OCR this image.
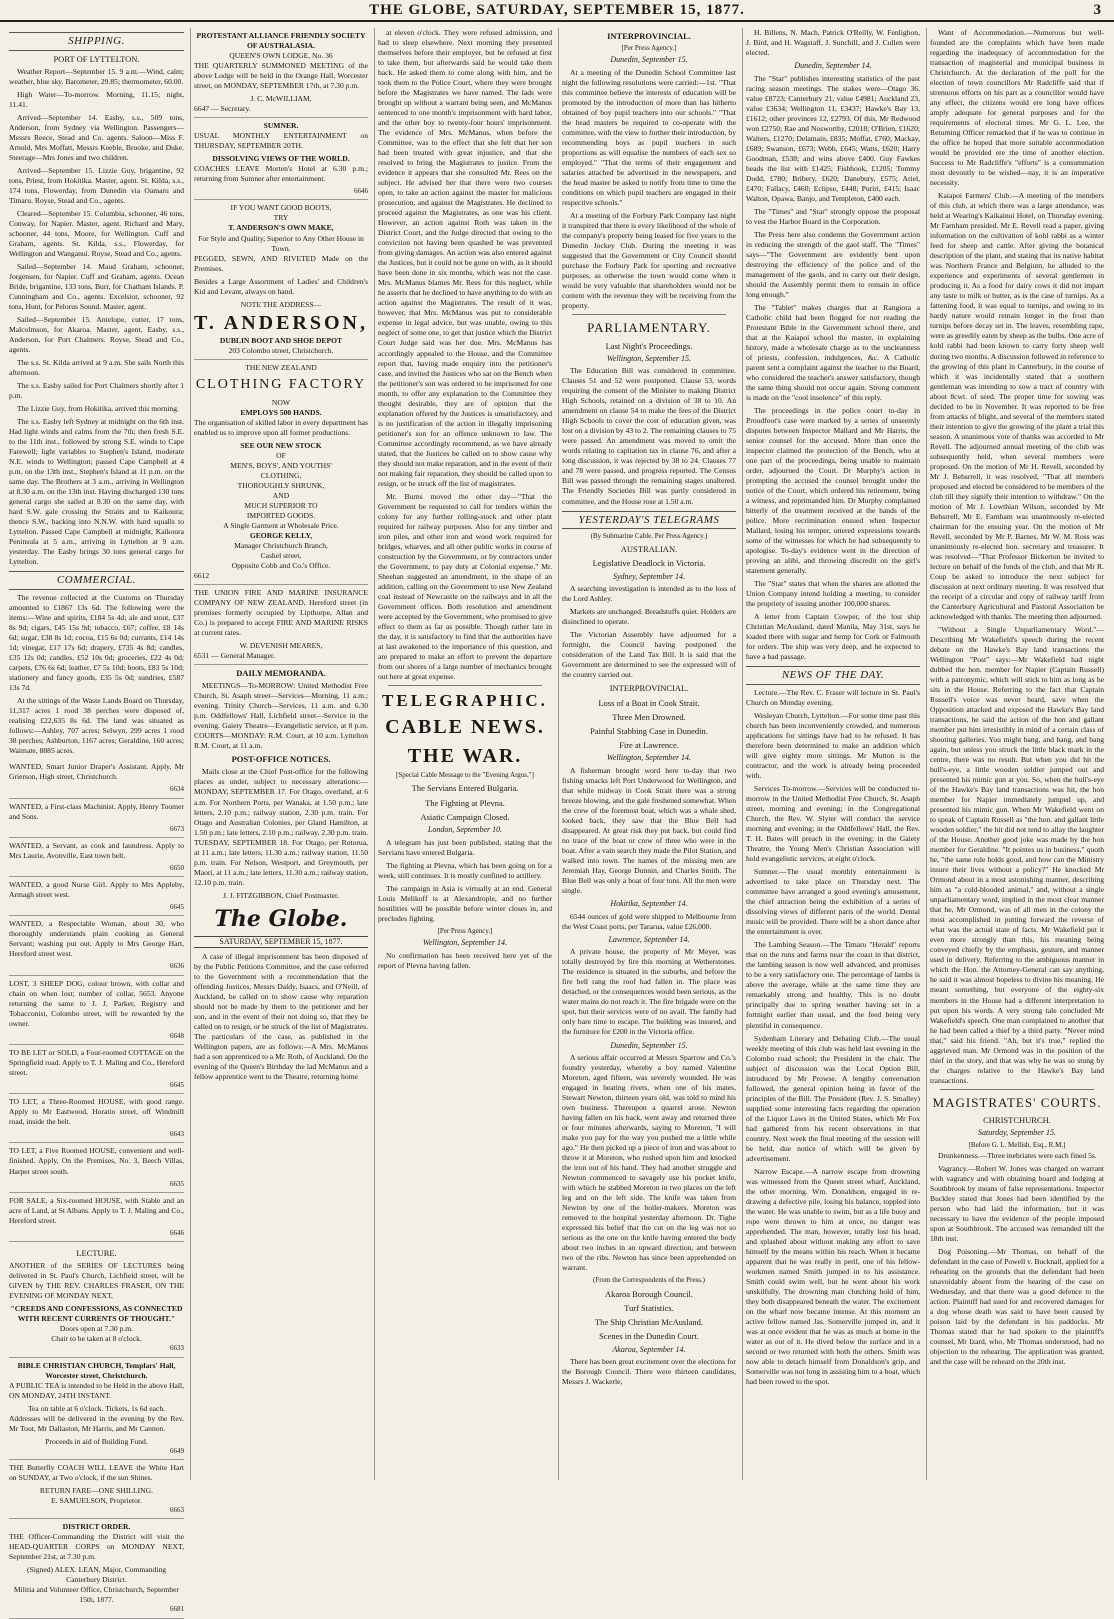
THE GLOBE, SATURDAY, SEPTEMBER 15, 1877.	3
SHIPPING.
PORT OF LYTTELTON.

Weather Report—September 15. 9 a.m.—Wind, calm; weather, blue sky. Barometer, 29.85; thermometer, 60.00.

High Water—To-morrow. Morning, 11.15; night, 11.41.

Arrived—September 14. Easby, s.s., 509 tons, Anderson, from Sydney via Wellington. Passengers—Messrs Reece, Stead and Co. agents. Saloon—Miss F. Arnold, Mrs Moffatt, Messrs Keeble, Brooke, and Duke. Steerage—Mrs Jones and two children.

Arrived—September 15. Lizzie Guy, brigantine, 92 tons, Priest, from Hokitika. Master, agent. St. Kilda, s.s., 174 tons, Flowerday, from Dunedin via Oamaru and Timaru. Royse, Stead and Co., agents.

Cleared—September 15. Columbia, schooner, 46 tons, Conway, for Napier. Master, agent. Richard and Mary, schooner, 44 tons, Moore, for Wellington. Cuff and Graham, agents. St. Kilda, s.s., Flowerday, for Wellington and Wanganui. Royse, Stead and Co., agents.

Sailed—September 14. Maud Graham, schooner, Jorgensen, for Napier. Cuff and Graham, agents. Ocean Bride, brigantine, 133 tons, Burr, for Chatham Islands. P. Cunningham and Co., agents. Excelsior, schooner, 92 tons, Hunt, for Pelorus Sound. Master, agent.

Sailed—September 15. Antelope, cutter, 17 tons, Malcolmson, for Akaroa. Master, agent. Easby, s.s., Anderson, for Port Chalmers. Royse, Stead and Co., agents.

The s.s. St. Kilda arrived at 9 a.m. She sails North this afternoon.

The s.s. Easby sailed for Port Chalmers shortly after 1 p.m.

The Lizzie Guy, from Hokitika, arrived this morning.

The s.s. Easby left Sydney at midnight on the 6th inst. Had light winds and calms from the 7th; then fresh S.E. to the 11th inst., followed by strong S.E. winds to Cape Farewell; light variables to Stephen's Island, moderate N.E. winds to Wellington; passed Cape Campbell at 4 p.m. on the 13th inst., Stephen's Island at 11 p.m. on the same day. The Brothers at 3 a.m., arriving in Wellington at 8.30 a.m. on the 13th inst. Having discharged 130 tons general cargo she sailed at 8.30 on the same day, with hard S.W. gale crossing the Straits and to Kaikoura; thence S.W., backing into N.N.W. with hard squalls to Lyttelton. Passed Cape Campbell at midnight, Kaikoura Peninsula at 5 a.m., arriving in Lyttelton at 9 a.m. yesterday. The Easby brings 30 tons general cargo for Lyttelton.

COMMERCIAL.

The revenue collected at the Customs on Thursday amounted to £1867 13s 6d. The following were the items:—Wine and spirits, £184 5s 4d; ale and stout, £37 8s 9d; cigars, £45 15s 9d; tobacco, £67; coffee, £8 14s 6d; sugar, £38 8s 1d; cocoa, £15 6s 0d; currants, £14 14s 1d; vinegar, £17 17s 6d; drapery, £735 4s 8d; candles, £35 12s 0d; candles, £52 10s 0d; groceries, £22 4s 0d; carpets, £76 6s 6d; leather, £7 5s 10d; boots, £83 5s 10d; stationery and fancy goods, £35 5s 0d; sundries, £587 13s 7d.

At the sittings of the Waste Lands Board on Thursday, 11,317 acres 1 rood 38 perches were disposed of, realising £22,635 8s 6d. The land was situated as follows:—Ashley, 707 acres; Selwyn, 299 acres 1 rood 38 perches; Ashburton, 1167 acres; Geraldine, 160 acres; Waimate, 8885 acres.

WANTED, Smart Junior Draper's Assistant. Apply, Mr Grierson, High street, Christchurch.

6634

WANTED, a First-class Machinist. Apply, Henry Toomer and Sons.

6673

WANTED, a Servant, as cook and laundress. Apply to Mrs Laurie, Avonville, East town belt.

6650

WANTED, a good Nurse Girl. Apply to Mrs Appleby, Armagh street west.

6645

WANTED, a Respectable Woman, about 30, who thoroughly understands plain cooking as General Servant; washing put out. Apply to Mrs George Hart, Hereford street west.

6636

LOST, 3 SHEEP DOG, colour brown, with collar and chain on when lost; number of collar, 5653. Anyone returning the same to J. J. Parker, Registry and Tobacconist, Colombo street, will be rewarded by the owner.

6648

TO BE LET or SOLD, a Four-roomed COTTAGE on the Springfield road. Apply to T. J. Maling and Co., Hereford street.

6645

TO LET, a Three-Roomed HOUSE, with good range. Apply to Mr Eastwood, Horatio street, off Windmill road, inside the belt.

6643

TO LET, a Five Roomed HOUSE, convenient and well-finished. Apply, On the Premises, No. 3, Beech Villas, Harper street south.

6635

FOR SALE, a Six-roomed HOUSE, with Stable and an acre of Land, at St Albans. Apply to T. J. Maling and Co., Hereford street.

6646
LECTURE.

ANOTHER of the SERIES OF LECTURES being delivered in St. Paul's Church, Lichfield street, will be GIVEN by THE REV. CHARLES FRASER, ON THE EVENING OF MONDAY NEXT,

"CREEDS AND CONFESSIONS, AS CONNECTED WITH RECENT CURRENTS OF THOUGHT."
Doors open at 7.30 p.m.
Chair to be taken at 8 o'clock.
6633
BIBLE CHRISTIAN CHURCH, Templars' Hall, Worcester street, Christchurch.

A PUBLIC TEA is intended to be Held in the above Hall, ON MONDAY, 24TH INSTANT.

Tea on table at 6 o'clock. Tickets, 1s 6d each.

Addresses will be delivered in the evening by the Rev. Mr Tout, Mr Dallaston, Mr Harris, and Mr Cannon.

Proceeds in aid of Building Fund.
6649

THE Butterfly COACH WILL LEAVE the White Hart on SUNDAY, at Two o'clock, if the sun Shines.

RETURN FARE—ONE SHILLING.
E. SAMUELSON, Proprietor.
6663
DISTRICT ORDER.

THE Officer-Commanding the District will visit the HEAD-QUARTER CORPS on MONDAY NEXT, September 21st, at 7.30 p.m.

(Signed) ALEX. LEAN, Major, Commanding Canterbury District.
Militia and Volunteer Office, Christchurch, September 15th, 1877.
6681
PROTESTANT ALLIANCE FRIENDLY SOCIETY OF AUSTRALASIA.
QUEEN'S OWN LODGE, No. 36

THE QUARTERLY SUMMONED MEETING of the above Lodge will be held in the Orange Hall, Worcester street, on MONDAY, SEPTEMBER 17th, at 7.30 p.m.

J. C. McWILLIAM,
6647 — Secretary.
SUMNER.

USUAL MONTHLY ENTERTAINMENT on THURSDAY, SEPTEMBER 20TH.

DISSOLVING VIEWS OF THE WORLD.

COACHES LEAVE Morten's Hotel at 6.30 p.m.; returning from Sumner after entertainment.

6646
IF YOU WANT GOOD BOOTS,
TRY
T. ANDERSON'S OWN MAKE,
For Style and Quality, Superior to Any Other House in Town.

PEGGED, SEWN, AND RIVETED Made on the Premises.

Besides a Large Assortment of Ladies' and Children's Kid and Levant, always on hand.

NOTE THE ADDRESS—
T. ANDERSON,
DUBLIN BOOT AND SHOE DEPOT
203 Colombo street, Christchurch.
THE NEW ZEALAND
CLOTHING FACTORY
NOW
EMPLOYS 500 HANDS.

The organisation of skilled labor in every department has enabled us to improve upon all former productions.

SEE OUR NEW STOCK
OF
MEN'S, BOYS', AND YOUTHS'
CLOTHING,
THOROUGHLY SHRUNK,
AND
MUCH SUPERIOR TO
IMPORTED GOODS.
A Single Garment at Wholesale Price.
GEORGE KELLY,
Manager Christchurch Branch,
Cashel street,
Opposite Cobb and Co.'s Office.
6612

THE UNION FIRE AND MARINE INSURANCE COMPANY OF NEW ZEALAND, Hereford street (in premises formerly occupied by Lipthorpe, Allan and Co.) is prepared to accept FIRE AND MARINE RISKS at current rates.

W. DEVENISH MEARES,
6531 — General Manager.
DAILY MEMORANDA.

MEETINGS—To-MORROW: United Methodist Free Church, St. Asaph street—Services—Morning, 11 a.m.; evening. Trinity Church—Services, 11 a.m. and 6.30 p.m. Oddfellows' Hall, Lichfield street—Service in the evening. Gaiety Theatre—Evangelistic service, at 8 p.m. COURTS—MONDAY: R.M. Court, at 10 a.m. Lyttelton R.M. Court, at 11 a.m.

POST-OFFICE NOTICES.

Mails close at the Chief Post-office for the following places as under, subject to necessary alterations:—MONDAY, SEPTEMBER 17. For Otago, overland, at 6 a.m. For Northern Ports, per Wanaka, at 1.50 p.m.; late letters, 2.10 p.m.; railway station, 2.30 p.m. train. For Otago and Australian Colonies, per Gland Hamilton, at 1.50 p.m.; late letters, 2.10 p.m.; railway, 2.30 p.m. train. TUESDAY, SEPTEMBER 18. For Otago, per Rotorua, at 11 a.m.; late letters, 11.30 a.m.; railway station, 11.50 p.m. train. For Nelson, Westport, and Greymouth, per Maori, at 11 a.m.; late letters, 11.30 a.m.; railway station, 12.10 p.m. train.

J. J. FITZGIBBON, Chief Postmaster.
The Globe.
SATURDAY, SEPTEMBER 15, 1877.

A case of illegal imprisonment has been disposed of by the Public Petitions Committee, and the case referred to the Government with a recommendation that the offending Justices, Messrs Daldy, Isaacs, and O'Neill, of Auckland, be called on to show cause why reparation should not be made by them to the petitioner and her son, and in the event of their not doing so, that they be called on to resign, or be struck of the list of Magistrates. The particulars of the case, as published in the Wellington papers, are as follows:—A Mrs. McManus had a son apprenticed to a Mr. Roth, of Auckland. On the evening of the Queen's Birthday the lad McManus and a fellow apprentice went to the Theatre, returning home

at eleven o'clock. They were refused admission, and had to sleep elsewhere. Next morning they presented themselves before their employer, but he refused at first to take them, but afterwards said he would take them back. He asked them to come along with him, and he took them to the Police Court, where they were brought before the Magistrates we have named. The lads were brought up without a warrant being seen, and McManus sentenced to one month's imprisonment with hard labor, and the other boy to twenty-four hours' imprisonment. The evidence of Mrs. McManus, when before the Committee, was to the effect that she felt that her son had been treated with great injustice, and that she resolved to bring the Magistrates to justice. From the evidence it appears that she consulted Mr. Rees on the subject. He advised her that there were two courses open, to take an action against the master for malicious prosecution, and against the Magistrates. He declined to proceed against the Magistrates, as one was his client. However, an action against Roth was taken in the District Court, and the Judge directed that owing to the conviction not having been quashed he was prevented from giving damages. An action was also entered against the Justices, but it could not be gone on with, as it should have been done in six months, which was not the case. Mrs. McManus blames Mr. Rees for this neglect, while he asserts that he declined to have anything to do with an action against the Magistrates. The result of it was, however, that Mrs. McManus was put to considerable expense in legal advice, but was unable, owing to this neglect of some one, to get that justice which the District Court Judge said was her due. Mrs. McManus has accordingly appealed to the House, and the Committee report that, having made enquiry into the petitioner's case, and invited the Justices who sat on the Bench when the petitioner's son was ordered to be imprisoned for one month, to offer any explanation to the Committee they thought desirable, they are of opinion that the explanation offered by the Justices is unsatisfactory, and is no justification of the action in illegally imprisoning petitioner's son for an offence unknown to law. The Committee accordingly recommend, as we have already stated, that the Justices be called on to show cause why they should not make reparation, and in the event of their not making fair reparation, they should be called upon to resign, or be struck off the list of magistrates.

Mr. Burns moved the other day—"That the Government be requested to call for tenders within the colony for any further rolling-stock and other plant required for railway purposes. Also for any timber and iron piles, and other iron and wood work required for bridges, wharves, and all other public works in course of construction by the Government, or by contractors under the Government, to pay duty at Colonial expense." Mr. Sheehan suggested an amendment, in the shape of an addition, calling on the Government to use New Zealand coal instead of Newcastle on the railways and in all the Government offices. Both resolution and amendment were accepted by the Government, who promised to give effect to them as far as possible. Though rather late in the day, it is satisfactory to find that the authorities have at last awakened to the importance of this question, and are prepared to make an effort to prevent the departure from our shores of a large number of mechanics brought out here at great expense.

TELEGRAPHIC.
CABLE NEWS.
THE WAR.
[Special Cable Message to the "Evening Argus."]
The Servians Entered Bulgaria.
The Fighting at Plevna.
Asiatic Campaign Closed.
London, September 10.

A telegram has just been published, stating that the Servians have entered Bulgaria.

The fighting at Plevna, which has been going on for a week, still continues. It is mostly confined to artillery.

The campaign in Asia is virtually at an end. General Louis Melikoff is at Alexandrople, and no further hostilities will be possible before winter closes in, and precludes fighting.

[Per Press Agency.]
Wellington, September 14.

No confirmation has been received here yet of the report of Plevna having fallen.

INTERPROVINCIAL.
[Per Press Agency.]
Dunedin, September 15.

At a meeting of the Dunedin School Committee last night the following resolutions were carried:—1st. "That this committee believe the interests of education will be promoted by the introduction of more than has hitherto obtained of boy pupil teachers into our schools." "That the head masters be required to co-operate with the committee, with the view to further their introduction, by recommending boys as pupil teachers in such proportions as will equalise the numbers of each sex so employed." "That the terms of their engagement and salaries attached be advertised in the newspapers, and the head master be asked to notify from time to time the conditions on which pupil teachers are engaged in their respective schools."

At a meeting of the Forbury Park Company last night it transpired that there is every likelihood of the whole of the company's property being leased for five years to the Dunedin Jockey Club. During the meeting it was suggested that the Government or City Council should purchase the Forbury Park for sporting and recreative purposes, as otherwise the town would come when it would be very valuable that shareholders would not be content with the revenue they will be receiving from the property.

PARLIAMENTARY.
Last Night's Proceedings.
Wellington, September 15.

The Education Bill was considered in committee. Clauses 51 and 52 were postponed. Clause 53, words requiring the consent of the Minister to making District High Schools, retained on a division of 38 to 10. An amendment on clause 54 to make the fees of the District High Schools to cover the cost of education given, was lost on a division by 43 to 2. The remaining clauses to 75 were passed. An amendment was moved to omit the words relating to capitation tax in clause 76, and after a long discussion, it was rejected by 38 to 24. Clauses 77 and 78 were passed, and progress reported. The Census Bill was passed through the remaining stages unaltered. The Friendly Societies Bill was partly considered in committee, and the House rose at 1.50 a.m.

YESTERDAY'S TELEGRAMS
(By Submarine Cable. Per Press Agency.)
AUSTRALIAN.
Legislative Deadlock in Victoria.
Sydney, September 14.

A searching investigation is intended as to the loss of the Lord Ashley.

Markets are unchanged. Breadstuffs quiet. Holders are disinclined to operate.

The Victorian Assembly have adjourned for a fortnight, the Council having postponed the consideration of the Land Tax Bill. It is said that the Government are determined to see the expressed will of the country carried out.

INTERPROVINCIAL.
Loss of a Boat in Cook Strait.
Three Men Drowned.
Painful Stabbing Case in Dunedin.
Fire at Lawrence.
Wellington, September 14.

A fisherman brought word here to-day that two fishing smacks left Port Underwood for Wellington, and that while midway in Cook Strait there was a strong breeze blowing, and the gale freshened somewhat. When the crew of the foremost boat, which was a whale shed, looked back, they saw that the Blue Bell had disappeared. At great risk they put back, but could find no trace of the boat or crew of three who were in the boat. After a vain search they made the Pilot Station, and walked into town. The names of the missing men are Jeremiah Hay, George Dunnin, and Charles Smith. The Blue Bell was only a boat of four tons. All the men were single.

Hokitika, September 14.

6544 ounces of gold were shipped to Melbourne from the West Coast ports, per Tararua, value £26,000.

Lawrence, September 14.

A private house, the property of Mr Meyer, was totally destroyed by fire this morning at Wetherstones. The residence is situated in the suburbs, and before the fire bell rang the roof had fallen in. The place was detached, or the consequences would been serious, as the water mains do not reach it. The fire brigade were on the spot, but their services were of no avail. The family had only bare time to escape. The building was insured, and the furniture for £200 in the Victoria office.

Dunedin, September 15.

A serious affair occurred at Messrs Sparrow and Co.'s foundry yesterday, whereby a boy named Valentine Moreton, aged fifteen, was severely wounded. He was engaged in heating rivets, when one of his mates, Stewart Newton, thirteen years old, was told to mind his own business. Thereupon a quarrel arose. Newton having fallen on his back, went away and returned three or four minutes afterwards, saying to Moreton, "I will make you pay for the way you pushed me a little while ago." He then picked up a piece of iron and was about to throw it at Moreton, who rushed upon him and knocked the iron out of his hand. They had another struggle and Newton commenced to savagely use his pocket knife, with which he stabbed Moreton in two places on the left leg and on the left side. The knife was taken from Newton by one of the boiler-makers. Moreton was removed to the hospital yesterday afternoon. Dr. Tighe expressed his belief that the cut on the leg was not so serious as the one on the knife having entered the body about two inches in an upward direction, and between two of the ribs. Newton has since been apprehended on warrant.

(From the Correspondents of the Press.)
Akaroa Borough Council.
Turf Statistics.
The Ship Christian McAusland.
Scenes in the Dunedin Court.
Akaroa, September 14.

There has been great excitement over the elections for the Borough Council. There were thirteen candidates, Messrs J. Wackerle,

H. Billens, N. Mach, Patrick O'Reilly, W. Fenlighon, J. Bird, and H. Wagstaff, J. Sunchill, and J. Cullen were elected.

Dunedin, September 14.

The "Star" publishes interesting statistics of the past racing season meetings. The stakes were—Otago 36, value £8723; Canterbury 21, value £4981; Auckland 23, value £3634; Wellington 11, £3437; Hawke's Bay 13, £1612; other provinces 12, £2793. Of this, Mr Redwood won £2750; Rae and Nosworthy, £2018; O'Brien, £1620; Walters, £1270; Delamain, £835; Moffat, £760; Mackay, £689; Swanson, £673; Webb, £645; Watts, £620; Harry Goodman, £538; and wins above £400. Guy Fawkes heads the list with £1425; Fishhook, £1205; Tommy Dodd, £780; Bribery, £620; Danebury, £575; Ariel, £470; Fallacy, £460; Eclipse, £448; Puriri, £415; Isaac Walton, Opawa, Banjo, and Templeton, £400 each.

The "Times" and "Star" strongly oppose the proposal to vest the Harbor Board in the Corporation.

The Press here also condemn the Government action in reducing the strength of the gaol staff. The "Times" says—"The Government are evidently bent upon destroying the efficiency of the police and of the management of the gaols, and to carry out their design, should the Assembly permit them to remain in office long enough."

The "Tablet" makes charges that at Rangiora a Catholic child had been flogged for not reading the Protestant Bible in the Government school there, and that at the Kaiapoi school the master, in explaining history, made a wholesale charge as to the uncleanness of priests, confession, indulgences, &c. A Catholic parent sent a complaint against the teacher to the Board, who considered the teacher's answer satisfactory, though the same thing should not occur again. Strong comment is made on the "cool insolence" of this reply.

The proceedings in the police court to-day in Proudfoot's case were marked by a series of unseemly disputes between Inspector Mallard and Mr Harris, the senior counsel for the accused. More than once the inspector claimed the protection of the Bench, who at one part of the proceedings, being unable to maintain order, adjourned the Court. Dr Murphy's action in prompting the accused the counsel brought under the notice of the Court, which ordered his retirement, being a witness, and reprimanded him. Dr Murphy complained bitterly of the treatment received at the hands of the police. More recrimination ensued when Inspector Mallard, losing his temper, uttered expressions towards some of the witnesses for which he had subsequently to apologise. To-day's evidence went in the direction of proving an alibi, and throwing discredit on the girl's statement generally.

The "Star" states that when the shares are allotted the Union Company intend holding a meeting, to consider the propriety of issuing another 100,000 shares.

A letter from Captain Cowper, of the lost ship Christian McAusland, dated Manila, May 31st, says he loaded there with sugar and hemp for Cork or Falmouth for orders. The ship was very deep, and he expected to have a bad passage.

NEWS OF THE DAY.

Lecture.—The Rev. C. Fraser will lecture in St. Paul's Church on Monday evening.

Wesleyan Church, Lyttelton.—For some time past this church has been inconveniently crowded, and numerous applications for sittings have had to be refused. It has therefore been determined to make an addition which will give eighty more sittings. Mr Mutton is the contractor, and the work is already being proceeded with.

Services To-morrow.—Services will be conducted to-morrow in the United Methodist Free Church, St. Asaph street, morning and evening; in the Congregational Church, the Rev. W. Slyter will conduct the service morning and evening; in the Oddfellows' Hall, the Rev. T. H. Bates will preach in the evening; in the Gaiety Theatre, the Young Men's Christian Association will hold evangelistic services, at eight o'clock.

Sumner.—The usual monthly entertainment is advertised to take place on Thursday next. The committee have arranged a good evening's amusement, the chief attraction being the exhibition of a series of dissolving views of different parts of the world. Dental music will be provided. There will be a short dance after the entertainment is over.

The Lambing Season.—The Timaru "Herald" reports that on the runs and farms near the coast in that district, the lambing season is now well advanced, and promises to be a very satisfactory one. The percentage of lambs is above the average, while at the same time they are remarkably strong and healthy. This is no doubt principally due to spring weather having set in a fortnight earlier than usual, and the feed being very plentiful in consequence.

Sydenham Literary and Debating Club.—The usual weekly meeting of this club was held last evening in the Colombo road school; the President in the chair. The subject of discussion was the Local Option Bill, introduced by Mr Prowse. A lengthy conversation followed, the general opinion being in favor of the principles of the Bill. The President (Rev. J. S. Smalley) supplied some interesting facts regarding the operation of the Liquor Laws in the United States, which Mr Fox had gathered from his recent observations in that country. Next week the final meeting of the session will be held, due notice of which will be given by advertisement.

Narrow Escape.—A narrow escape from drowning was witnessed from the Queen street wharf, Auckland, the other morning. Wm. Donaldson, engaged in re-drawing a defective pile, losing his balance, toppled into the water. He was unable to swim, but as a life buoy and rope were thrown to him at once, no danger was apprehended. The man, however, totally lost his head, and splashed about without making any effort to save himself by the means within his reach. When it became apparent that he was really in peril, one of his fellow-workmen named Smith jumped in to his assistance. Smith could swim well, but he went about his work unskilfully. The drowning man clutching hold of him, they both disappeared beneath the water. The excitement on the wharf now became intense. At this moment an active fellow named Jas. Somerville jumped in, and it was at once evident that he was as much at home in the water as out of it. He dived below the surface and in a second or two returned with both the others. Smith was now able to detach himself from Donaldson's grip, and Somerville was not long in assisting him to a boat, which had been rowed to the spot.

Want of Accommodation.—Numerous but well-founded are the complaints which have been made regarding the inadequacy of accommodation for the transaction of magisterial and municipal business in Christchurch. At the declaration of the poll for the election of town councillors Mr Radcliffe said that if strenuous efforts on his part as a councillor would have any effect, the citizens would ere long have offices amply adequate for general purposes and for the requirements of electoral times. Mr G. L. Lee, the Returning Officer remarked that if he was to continue in the office he hoped that more suitable accommodation would be provided ere the time of another election. Success to Mr Radcliffe's "efforts" is a consummation most devoutly to be wished—nay, it is an imperative necessity.

Kaiapoi Farmers' Club.—A meeting of the members of this club, at which there was a large attendance, was held at Wearing's Kaikainui Hotel, on Thursday evening. Mr Farnham presided. Mr E. Revell read a paper, giving information on the cultivation of kohl rabbi as a winter feed for sheep and cattle. After giving the botanical description of the plant, and stating that its native habitat was Northern France and Belgium, he alluded to the experience and experiments of several gentlemen in producing it. As a food for dairy cows it did not impart any taste to milk or butter, as is the case of turnips. As a fattening food, it was equal to turnips, and owing to its hardy nature would remain longer in the frost than turnips before decay set in. The leaves, resembling rape, were as greedily eaten by sheep as the bulbs. One acre of kohl rabbi had been known to carry forty sheep well during two months. A discussion followed in reference to the growing of this plant in Canterbury, in the course of which it was incidentally stated that a southern gentleman was intending to sow a tract of country with about 8cwt. of seed. The proper time for sowing was decided to be in November. It was reported to be free from attacks of blight, and several of the members stated their intention to give the growing of the plant a trial this season. A unanimous vote of thanks was accorded to Mr Revell. The adjourned annual meeting of the club was subsequently held, when several members were proposed. On the motion of Mr H. Revell, seconded by Mr J. Behsrrell, it was resolved, "That all members proposed and elected be considered to be members of the club till they signify their intention to withdraw." On the motion of Mr J. Lowthian Wilson, seconded by Mr Behsrrell, Mr E. Farnham was unanimously re-elected chairman for the ensuing year. On the motion of Mr Revell, seconded by Mr P. Barnes, Mr W. M. Ross was unanimously re-elected hon. secretary and treasurer. It was resolved—"That Professor Bickerton be invited to lecture on behalf of the funds of the club, and that Mr R. Coup be asked to introduce the next subject for discussion at next ordinary meeting. It was resolved that the receipt of a circular and copy of railway tariff from the Canterbury Agricultural and Pastoral Association be acknowledged with thanks. The meeting then adjourned.

"Without a Single Unparliamentary Word."—Describing Mr Wakefield's speech during the recent debate on the Hawke's Bay land transactions the Wellington "Post" says:—Mr Wakefield had night dubbed the hon. member for Napier (Captain Russell) with a patronymic, which will stick to him as long as he sits in the House. Referring to the fact that Captain Russell's voice was never heard, save when the Opposition attacked and exposed the Hawke's Bay land transactions, he said the action of the hon and gallant member put him irresistibly in mind of a certain class of shooting galleries. You might bang, and bang, and bang again, but unless you struck the little black mark in the centre, there was no result. But when you did hit the bull's-eye, a little wooden soldier jumped out and presented his mimic gun at you. So, when the bull's-eye of the Hawke's Bay land transactions was hit, the hon member for Napier immediately jumped up, and presented his mimic gun. When Mr Wakefield went on to speak of Captain Russell as "the hon. and gallant little wooden soldier," the hit did not tend to allay the laughter of the House. Another good joke was made by the hon member for Geraldine. "It pointes us in business," quoth he, "the same rule holds good, and how can the Ministry insure their lives without a policy?" He knocked Mr Ormond about in a most astonishing manner, describing him as "a cold-blooded animal," and, without a single unparliamentary word, implied in the most clear manner that he, Mr Ormond, was of all men in the colony the most accomplished in putting forward the reverse of what was the actual state of facts. Mr Wakefield put it even more strongly than this, his meaning being conveyed chiefly by the emphasis, gesture, and manner used in delivery. Referring to the ambiguous manner in which the Hon. the Attorney-General can say anything, he said it was almost hopeless to divine his meaning. He meant something, but everyone of the eighty-six members in the House had a different interpretation to put upon his words. A very strong tale concluded Mr Wakefield's speech. One man complained to another that he had been called a thief by a third party. "Never mind that," said his friend. "Ah, but it's true," replied the aggrieved man. Mr Ormond was in the position of the thief in the story, and that was why he was so stung by the charges relative to the Hawke's Bay land transactions.

MAGISTRATES' COURTS.
CHRISTCHURCH.
Saturday, September 15.
[Before G. L. Mellish, Esq., R.M.]

Drunkenness.—Three inebriates were each fined 5s.

Vagrancy.—Robert W. Jones was charged on warrant with vagrancy and with obtaining board and lodging at Southbrook by means of false representations. Inspector Buckley stated that Jones had been identified by the person who had laid the information, but it was necessary to have the evidence of the people imposed upon at Southbrook. The accused was remanded till the 18th inst.

Dog Poisoning.—Mr Thomas, on behalf of the defendant in the case of Powell v. Bucknall, applied for a rehearing on the grounds that the defendant had been unavoidably absent from the hearing of the case on Wednesday, and that there was a good defence to the action. Plaintiff had sued for and recovered damages for a dog whose death was said to have been caused by poison laid by the defendant in his paddocks. Mr Thomas stated that he had spoken to the plaintiff's counsel, Mr Izard, who, Mr Thomas understood, had no objection to the rehearing. The application was granted, and the case will be reheard on the 20th inst.
